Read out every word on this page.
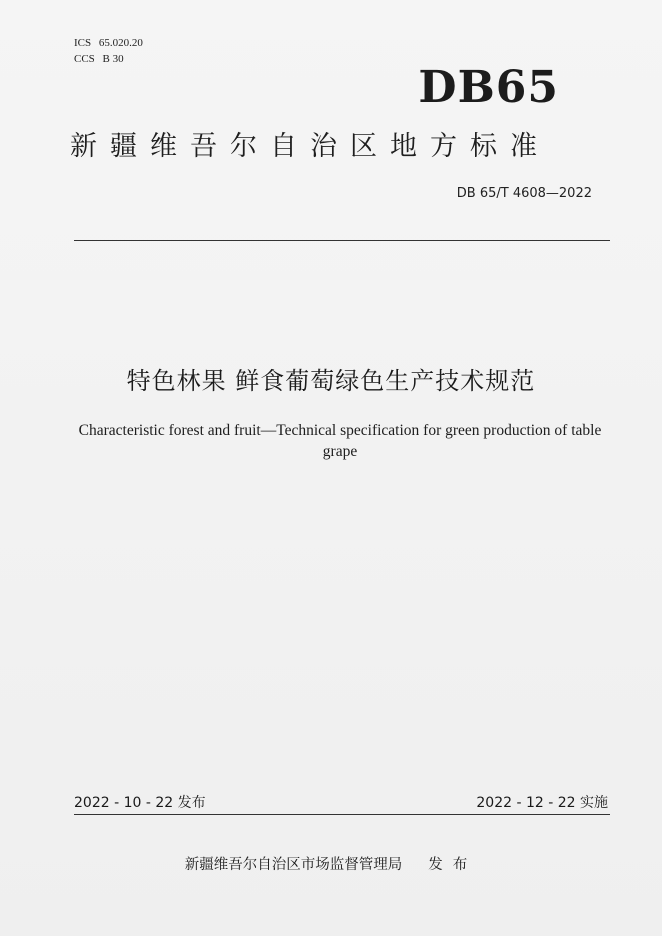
ICS 65.020.20
CCS B 30
DB65
新疆维吾尔自治区地方标准
DB 65/T 4608—2022
特色林果 鲜食葡萄绿色生产技术规范
Characteristic forest and fruit—Technical specification for green production of table grape
2022 - 10 - 22 发布	2022 - 12 - 22 实施
新疆维吾尔自治区市场监督管理局 发布
